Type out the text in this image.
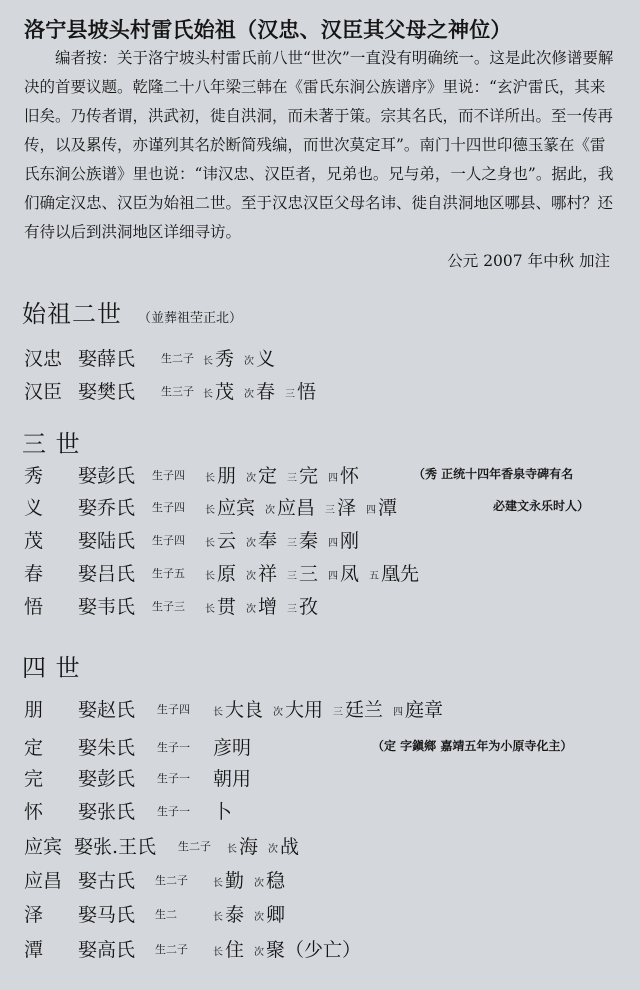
洛宁县坡头村雷氏始祖（汉忠、汉臣其父母之神位）

编者按：关于洛宁坡头村雷氏前八世“世次”一直没有明确统一。这是此次修谱要解决的首要议题。乾隆二十八年梁三韩在《雷氏东涧公族谱序》里说：“玄沪雷氏，其来旧矣。乃传者谓，洪武初，徙自洪洞，而未著于策。宗其名氏，而不详所出。至一传再传，以及累传，亦谨列其名於断简残编，而世次莫定耳”。南门十四世印德玉篆在《雷氏东涧公族谱》里也说：“讳汉忠、汉臣者，兄弟也。兄与弟，一人之身也”。据此，我们确定汉忠、汉臣为始祖二世。至于汉忠汉臣父母名讳、徙自洪洞地区哪县、哪村？还有待以后到洪洞地区详细寻访。

公元 2007 年中秋 加注

始祖二世 （並葬祖茔正北）
三 世
四 世
汉忠 娶薛氏 生二子 长 秀 次 义
汉臣 娶樊氏 生三子 长 茂 次 春 三 悟
秀 娶彭氏 生子四 长 朋 次 定 三 完 四 怀	（秀 正统十四年香泉寺碑有名
义 娶乔氏 生子四 长 应宾 次 应昌 三 泽 四 潭	必建文永乐时人）
茂 娶陆氏 生子四 长 云 次 奉 三 秦 四 刚
春 娶吕氏 生子五 长 原 次 祥 三 三 四 凤 五 凰先
悟 娶韦氏 生子三 长 贯 次 增 三 孜
朋 娶赵氏 生子四 长 大良 次 大用 三 廷兰 四 庭章
定 娶朱氏 生子一 彦明	（定 字鎭鄉 嘉靖五年为小原寺化主）
完 娶彭氏 生子一 朝用
怀 娶张氏 生子一 卜
应宾 娶张.王氏 生二子 长 海 次 战
应昌 娶古氏 生二子	长 勤 次 稳
泽 娶马氏 生二	长 泰 次 卿
潭 娶高氏 生二子	长 住 次 聚（少亡）
